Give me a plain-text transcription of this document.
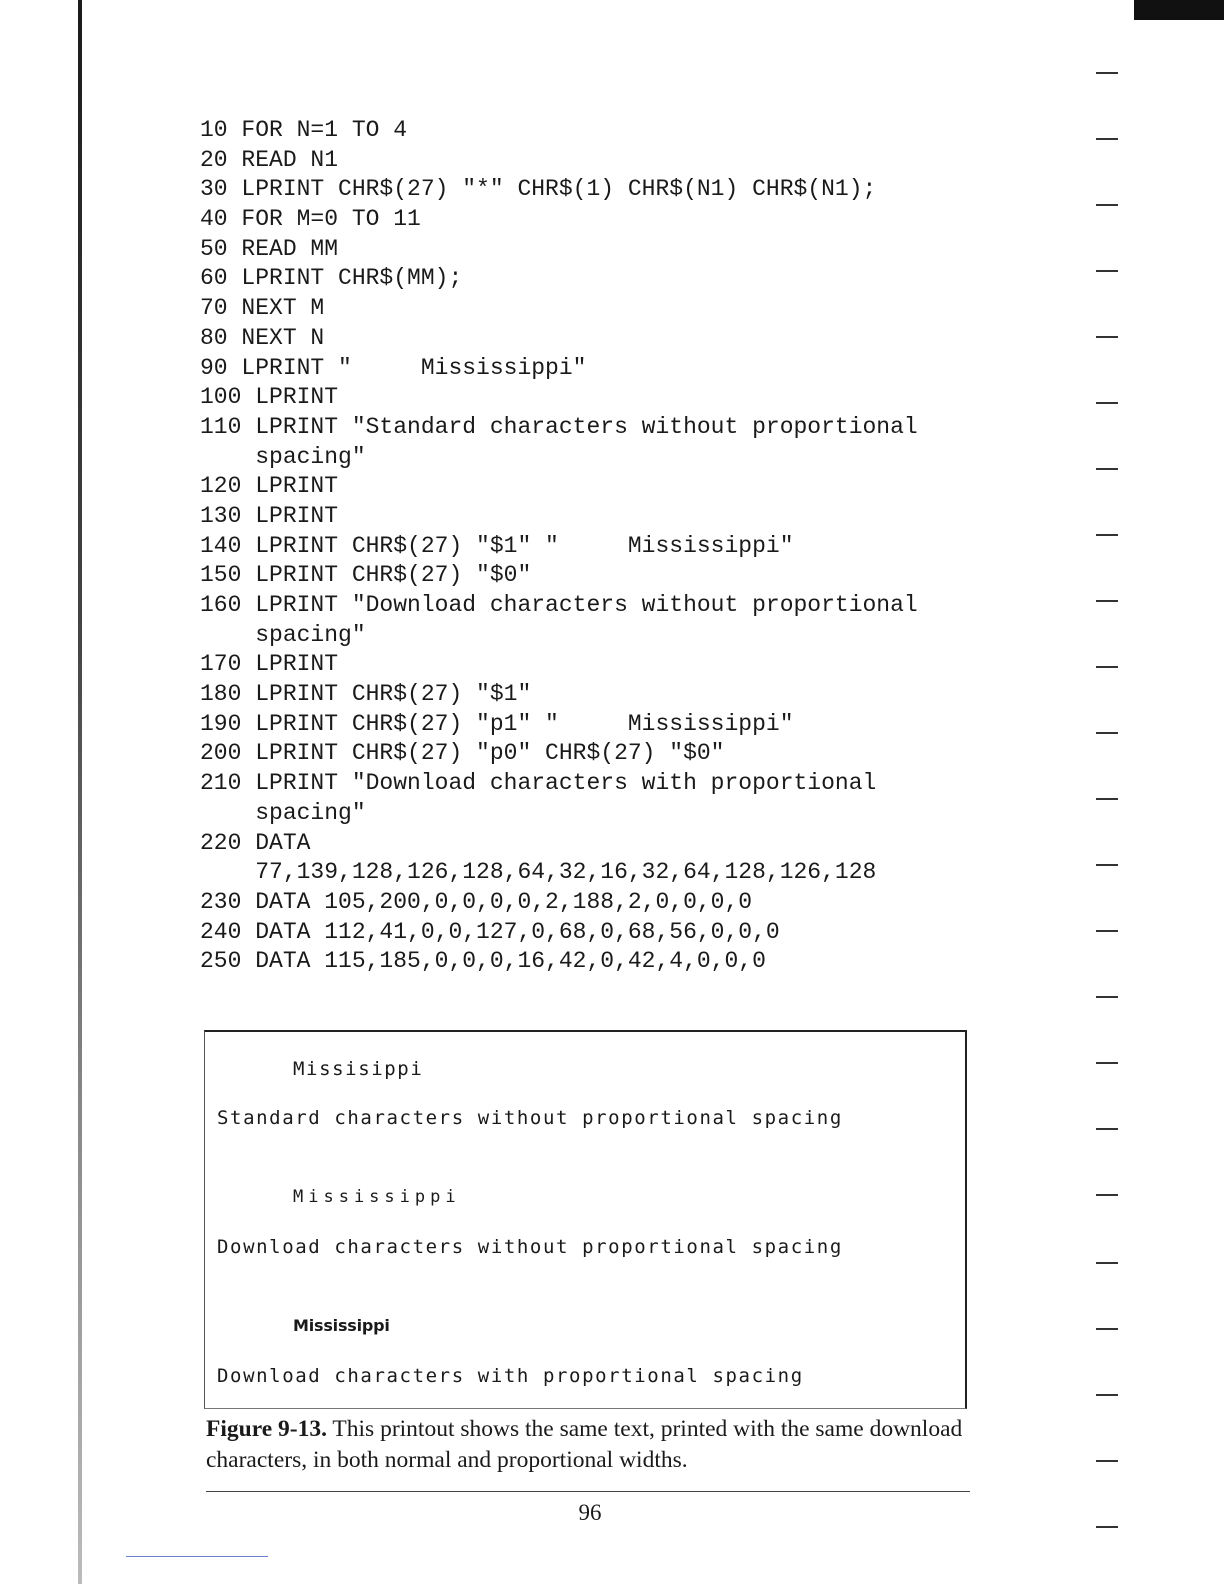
10 FOR N=1 TO 4
20 READ N1
30 LPRINT CHR$(27) "*" CHR$(1) CHR$(N1) CHR$(N1);
40 FOR M=0 TO 11
50 READ MM
60 LPRINT CHR$(MM);
70 NEXT M
80 NEXT N
90 LPRINT "     Mississippi"
100 LPRINT
110 LPRINT "Standard characters without proportional
spacing"
120 LPRINT
130 LPRINT
140 LPRINT CHR$(27) "$1" "     Mississippi"
150 LPRINT CHR$(27) "$0"
160 LPRINT "Download characters without proportional
spacing"
170 LPRINT
180 LPRINT CHR$(27) "$1"
190 LPRINT CHR$(27) "p1" "     Mississippi"
200 LPRINT CHR$(27) "p0" CHR$(27) "$0"
210 LPRINT "Download characters with proportional
spacing"
220 DATA
77,139,128,126,128,64,32,16,32,64,128,126,128
230 DATA 105,200,0,0,0,0,2,188,2,0,0,0,0
240 DATA 112,41,0,0,127,0,68,0,68,56,0,0,0
250 DATA 115,185,0,0,0,16,42,0,42,4,0,0,0
Missisippi
Standard characters without proportional spacing
Mississippi
Download characters without proportional spacing
Mississippi
Download characters with proportional spacing
Figure 9-13. This printout shows the same text, printed with the same download characters, in both normal and proportional widths.
96
